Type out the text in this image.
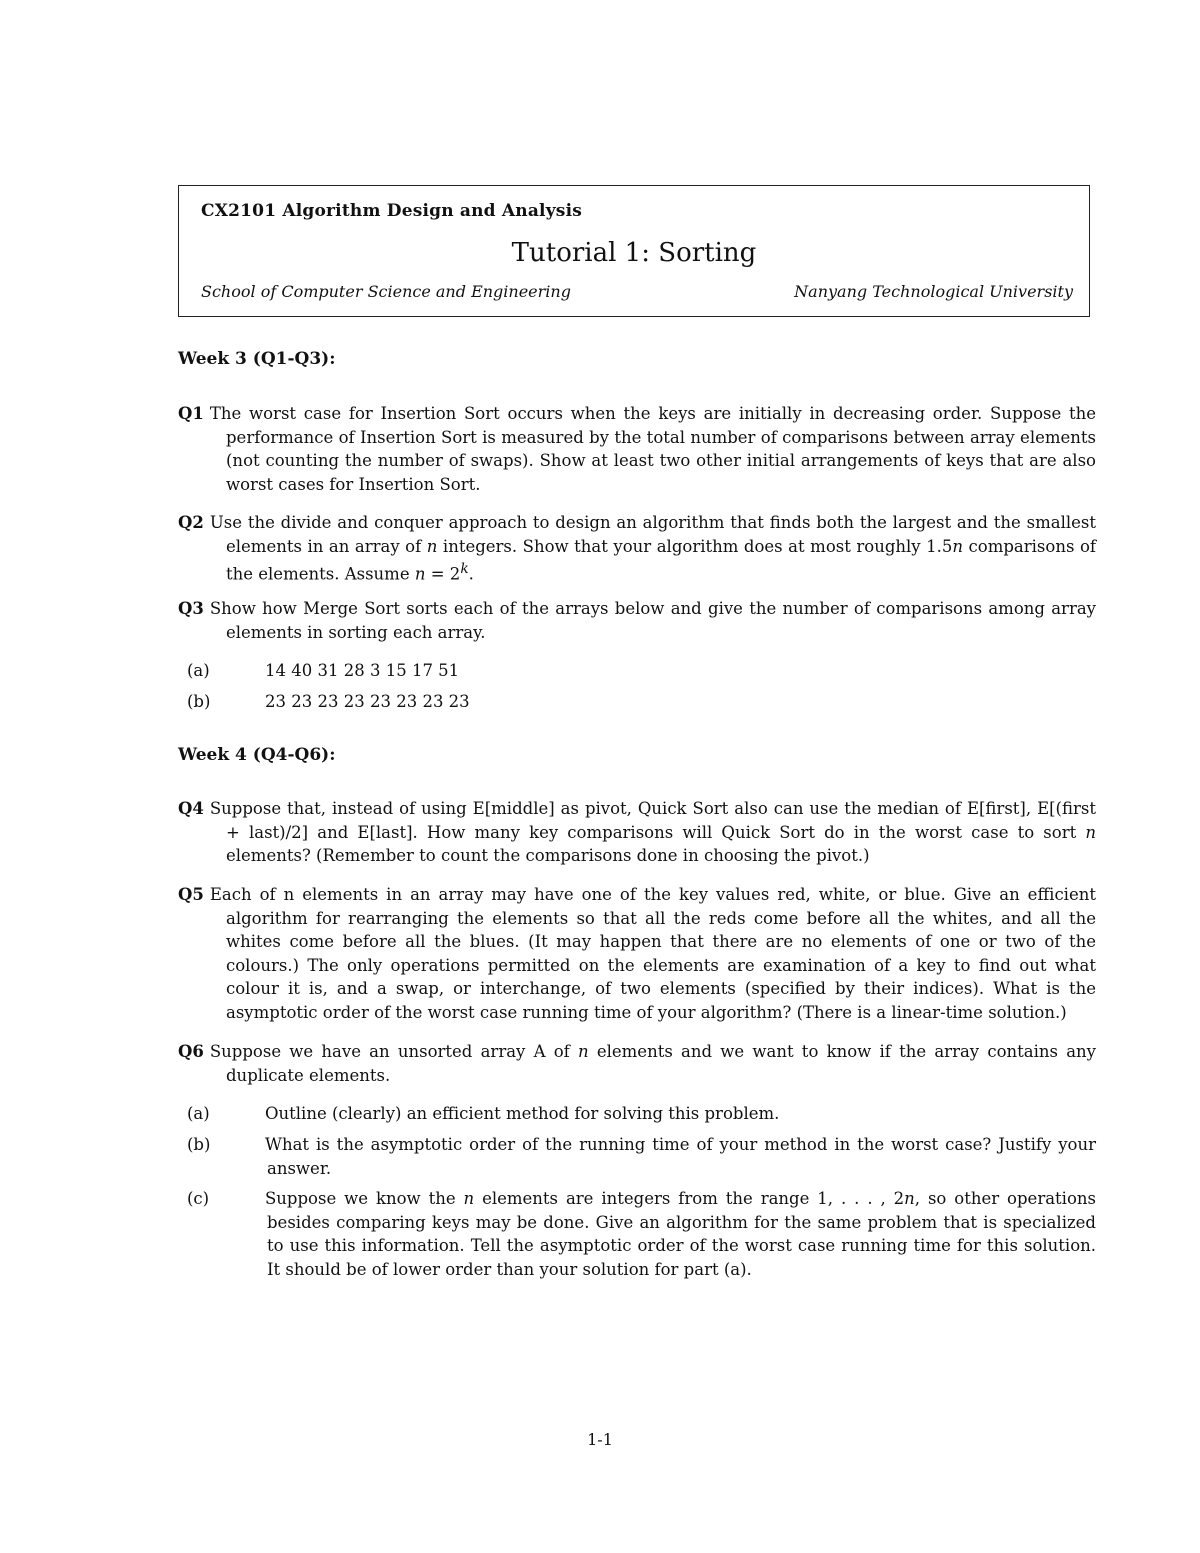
CX2101 Algorithm Design and Analysis
Tutorial 1: Sorting
School of Computer Science and Engineering	Nanyang Technological University
Week 3 (Q1-Q3):
Q1 The worst case for Insertion Sort occurs when the keys are initially in decreasing order. Suppose the performance of Insertion Sort is measured by the total number of comparisons between array elements (not counting the number of swaps). Show at least two other initial arrangements of keys that are also worst cases for Insertion Sort.
Q2 Use the divide and conquer approach to design an algorithm that finds both the largest and the smallest elements in an array of n integers. Show that your algorithm does at most roughly 1.5n comparisons of the elements. Assume $n = 2^k$.
Q3 Show how Merge Sort sorts each of the arrays below and give the number of comparisons among array elements in sorting each array.
(a)	14 40 31 28 3 15 17 51
(b)	23 23 23 23 23 23 23 23
Week 4 (Q4-Q6):
Q4 Suppose that, instead of using E[middle] as pivot, Quick Sort also can use the median of E[first], E[(first + last)/2] and E[last]. How many key comparisons will Quick Sort do in the worst case to sort n elements? (Remember to count the comparisons done in choosing the pivot.)
Q5 Each of n elements in an array may have one of the key values red, white, or blue. Give an efficient algorithm for rearranging the elements so that all the reds come before all the whites, and all the whites come before all the blues. (It may happen that there are no elements of one or two of the colours.) The only operations permitted on the elements are examination of a key to find out what colour it is, and a swap, or interchange, of two elements (specified by their indices). What is the asymptotic order of the worst case running time of your algorithm? (There is a linear-time solution.)
Q6 Suppose we have an unsorted array A of n elements and we want to know if the array contains any duplicate elements.
(a)	Outline (clearly) an efficient method for solving this problem.
(b)	What is the asymptotic order of the running time of your method in the worst case? Justify your answer.
(c)	Suppose we know the n elements are integers from the range 1, . . . , 2n, so other operations besides comparing keys may be done. Give an algorithm for the same problem that is specialized to use this information. Tell the asymptotic order of the worst case running time for this solution. It should be of lower order than your solution for part (a).
1-1
